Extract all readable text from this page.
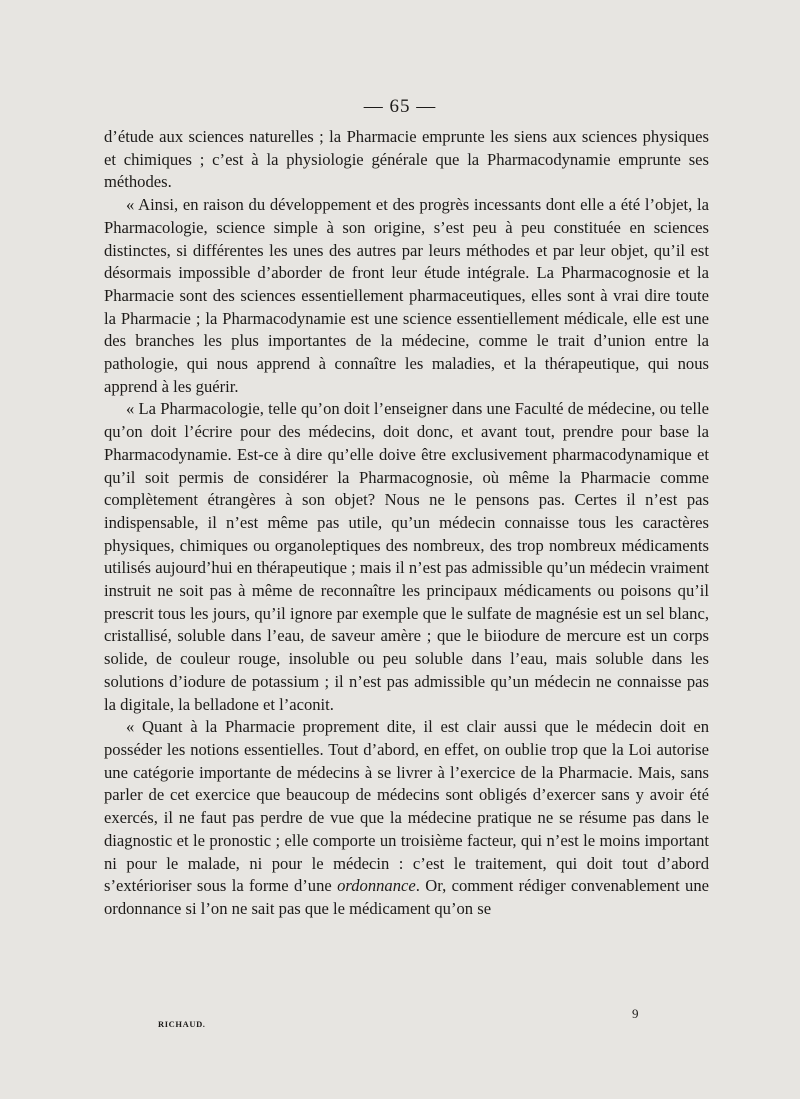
— 65 —

d’étude aux sciences naturelles ; la Pharmacie emprunte les siens aux sciences physiques et chimiques ; c’est à la physiologie générale que la Pharmacodynamie emprunte ses méthodes.

« Ainsi, en raison du développement et des progrès incessants dont elle a été l’objet, la Pharmacologie, science simple à son origine, s’est peu à peu constituée en sciences distinctes, si différentes les unes des autres par leurs méthodes et par leur objet, qu’il est désormais impossible d’aborder de front leur étude intégrale. La Pharmacognosie et la Pharmacie sont des sciences essentiellement pharmaceutiques, elles sont à vrai dire toute la Pharmacie ; la Pharmacodynamie est une science essentiellement médicale, elle est une des branches les plus importantes de la médecine, comme le trait d’union entre la pathologie, qui nous apprend à connaître les maladies, et la thérapeutique, qui nous apprend à les guérir.

« La Pharmacologie, telle qu’on doit l’enseigner dans une Faculté de médecine, ou telle qu’on doit l’écrire pour des médecins, doit donc, et avant tout, prendre pour base la Pharmacodynamie. Est-ce à dire qu’elle doive être exclusivement pharmacodynamique et qu’il soit permis de considérer la Pharmacognosie, où même la Pharmacie comme complètement étrangères à son objet? Nous ne le pensons pas. Certes il n’est pas indispensable, il n’est même pas utile, qu’un médecin connaisse tous les caractères physiques, chimiques ou organoleptiques des nombreux, des trop nombreux médicaments utilisés aujourd’hui en thérapeutique ; mais il n’est pas admissible qu’un médecin vraiment instruit ne soit pas à même de reconnaître les principaux médicaments ou poisons qu’il prescrit tous les jours, qu’il ignore par exemple que le sulfate de magnésie est un sel blanc, cristallisé, soluble dans l’eau, de saveur amère ; que le biiodure de mercure est un corps solide, de couleur rouge, insoluble ou peu soluble dans l’eau, mais soluble dans les solutions d’iodure de potassium ; il n’est pas admissible qu’un médecin ne connaisse pas la digitale, la belladone et l’aconit.

« Quant à la Pharmacie proprement dite, il est clair aussi que le médecin doit en posséder les notions essentielles. Tout d’abord, en effet, on oublie trop que la Loi autorise une catégorie importante de médecins à se livrer à l’exercice de la Pharmacie. Mais, sans parler de cet exercice que beaucoup de médecins sont obligés d’exercer sans y avoir été exercés, il ne faut pas perdre de vue que la médecine pratique ne se résume pas dans le diagnostic et le pronostic ; elle comporte un troisième facteur, qui n’est le moins important ni pour le malade, ni pour le médecin : c’est le traitement, qui doit tout d’abord s’extérioriser sous la forme d’une ordonnance. Or, comment rédiger convenablement une ordonnance si l’on ne sait pas que le médicament qu’on se

RICHAUD.
9
